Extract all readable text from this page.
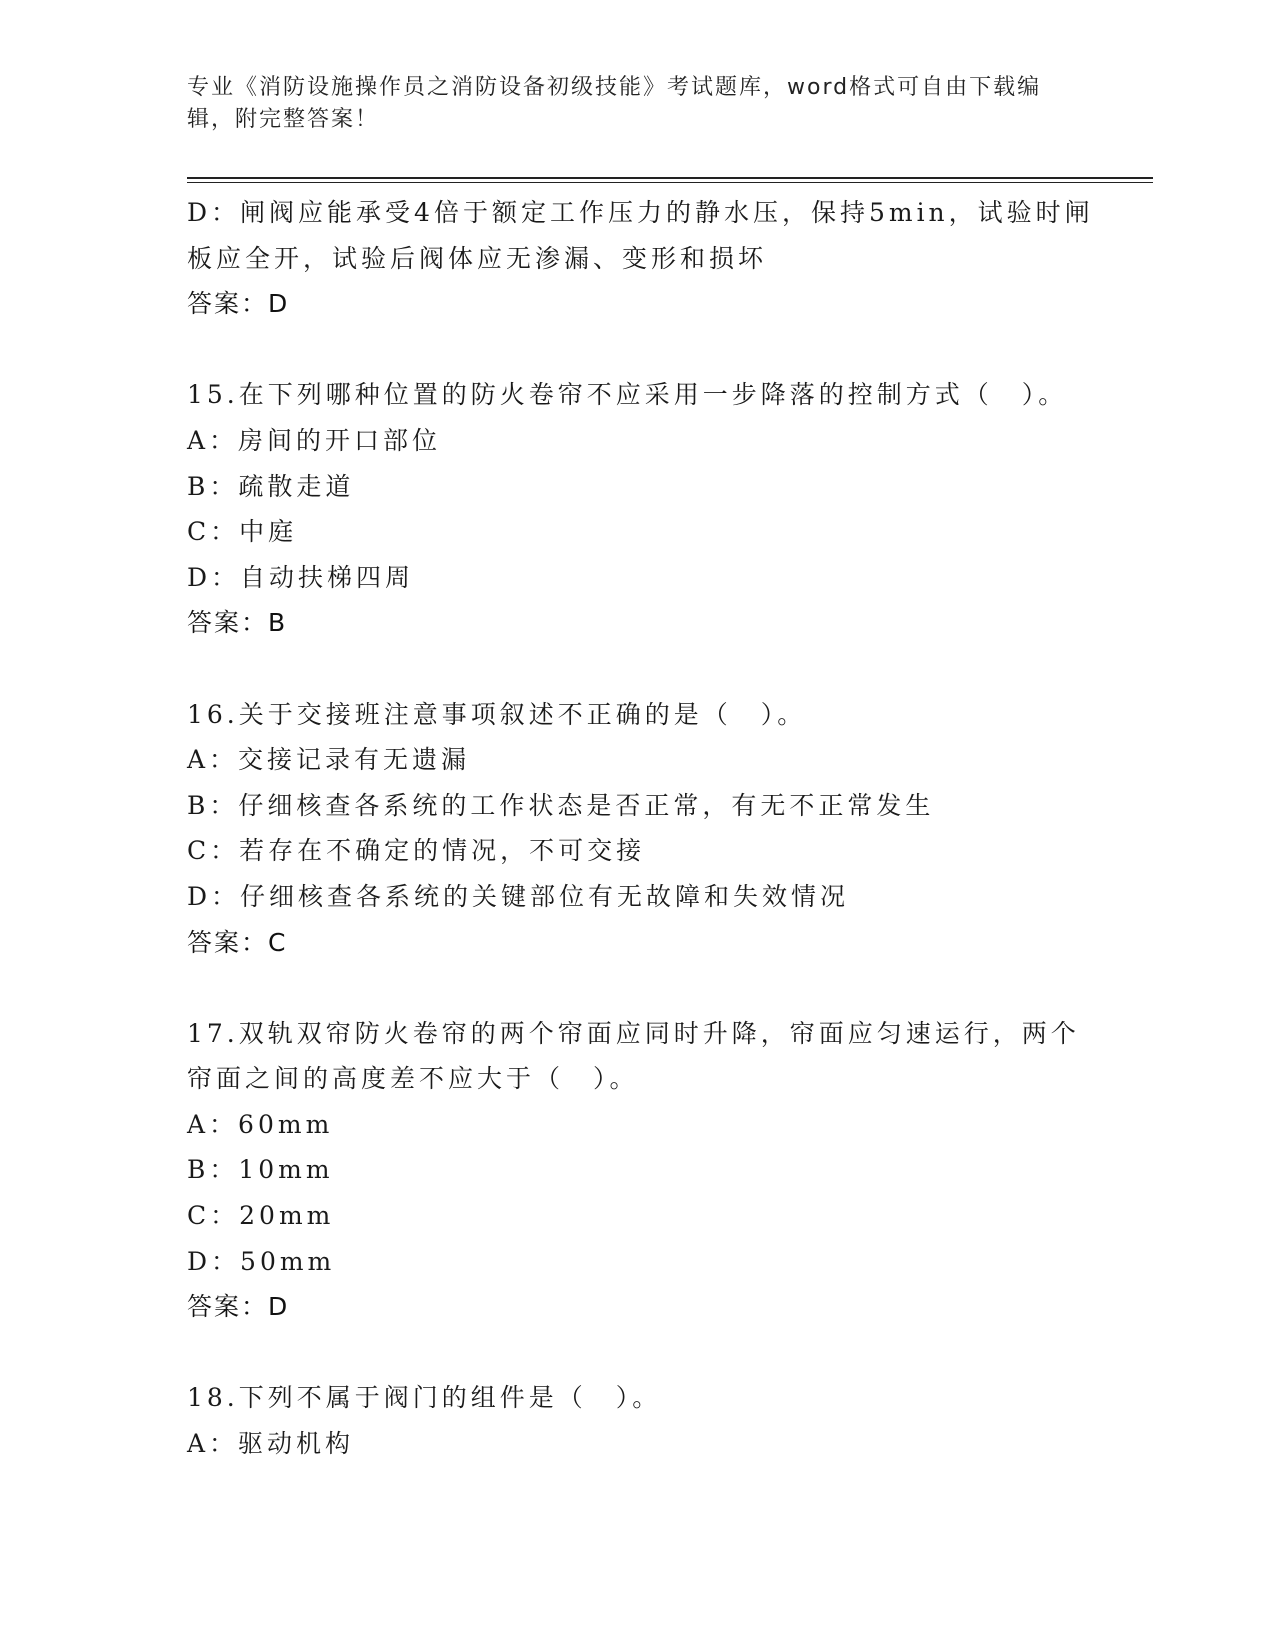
专业《消防设施操作员之消防设备初级技能》考试题库，word格式可自由下载编
辑，附完整答案！
D：闸阀应能承受4倍于额定工作压力的静水压，保持5min，试验时闸
板应全开，试验后阀体应无渗漏、变形和损坏
答案：D
15.在下列哪种位置的防火卷帘不应采用一步降落的控制方式（　）。
A：房间的开口部位
B：疏散走道
C：中庭
D：自动扶梯四周
答案：B
16.关于交接班注意事项叙述不正确的是（　）。
A：交接记录有无遗漏
B：仔细核查各系统的工作状态是否正常，有无不正常发生
C：若存在不确定的情况，不可交接
D：仔细核查各系统的关键部位有无故障和失效情况
答案：C
17.双轨双帘防火卷帘的两个帘面应同时升降，帘面应匀速运行，两个
帘面之间的高度差不应大于（　）。
A：60mm
B：10mm
C：20mm
D：50mm
答案：D
18.下列不属于阀门的组件是（　）。
A：驱动机构
